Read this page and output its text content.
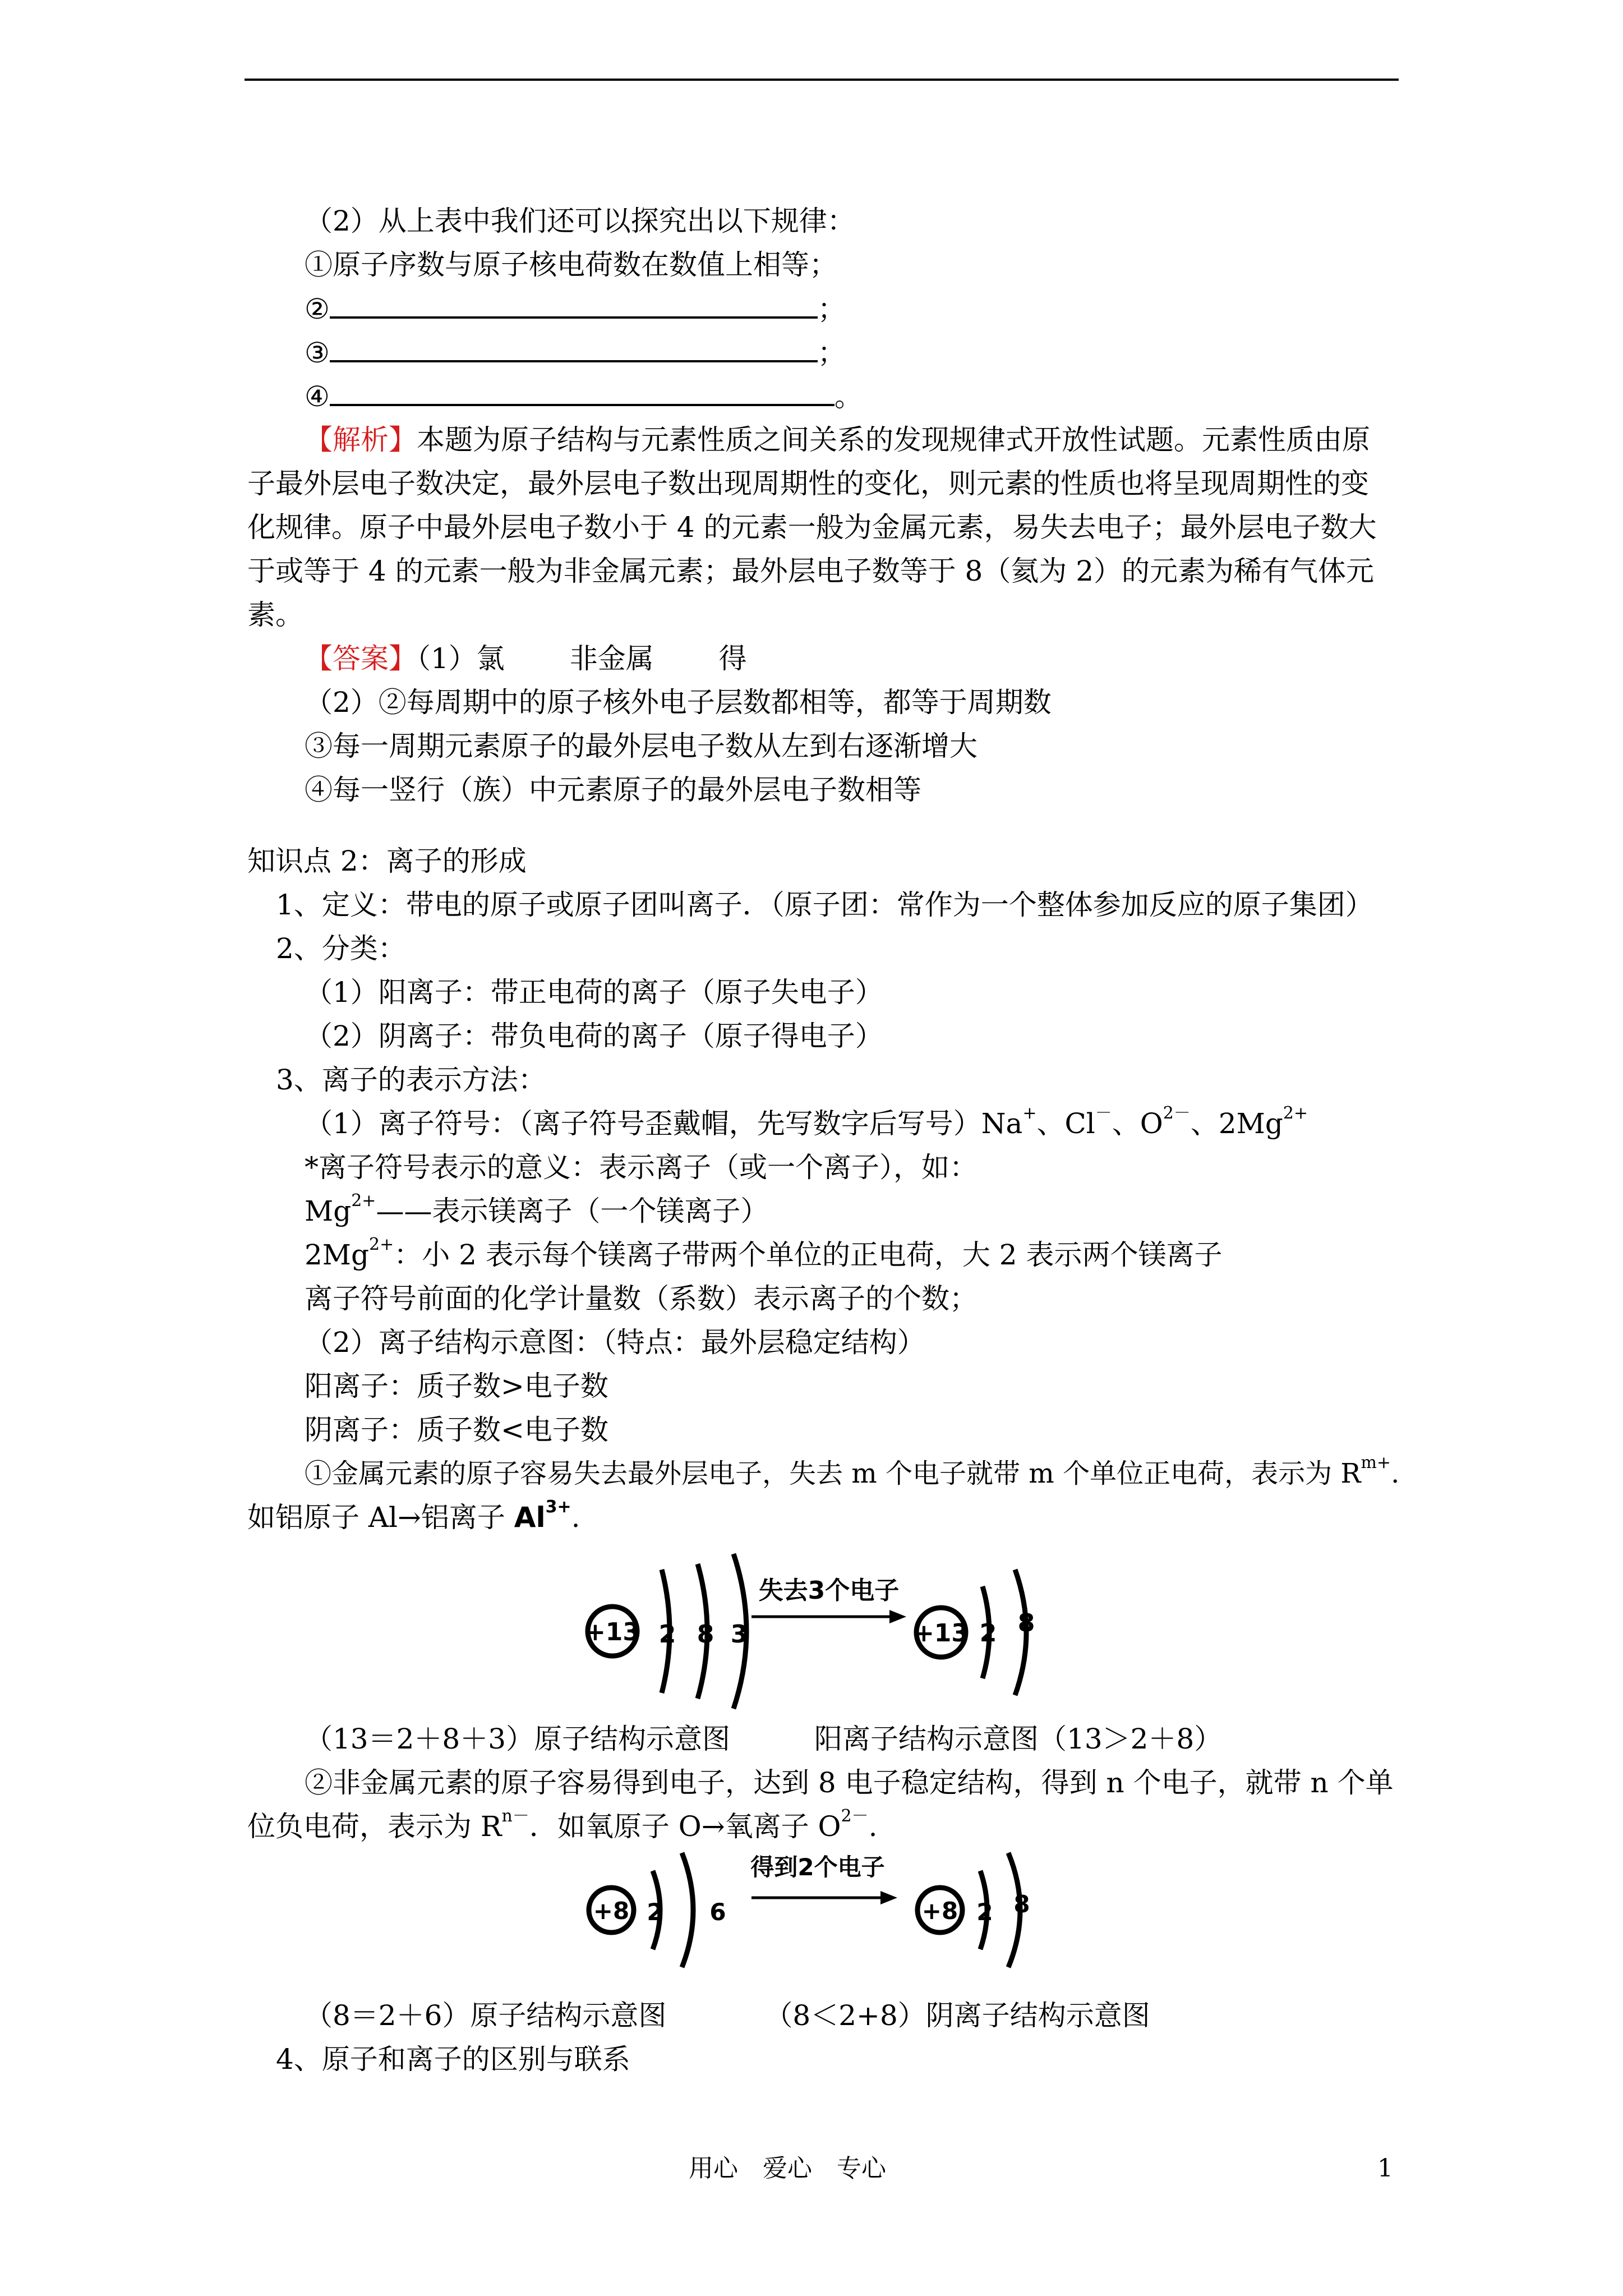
（2）从上表中我们还可以探究出以下规律：
①原子序数与原子核电荷数在数值上相等；
②	；
③	；
④	。
【解析】本题为原子结构与元素性质之间关系的发现规律式开放性试题。元素性质由原
子最外层电子数决定，最外层电子数出现周期性的变化，则元素的性质也将呈现周期性的变
化规律。原子中最外层电子数小于 4 的元素一般为金属元素，易失去电子；最外层电子数大
于或等于 4 的元素一般为非金属元素；最外层电子数等于 8（氦为 2）的元素为稀有气体元
素。
【答案】（1）氯　　 非金属　　 得
（2）②每周期中的原子核外电子层数都相等，都等于周期数
③每一周期元素原子的最外层电子数从左到右逐渐增大
④每一竖行（族）中元素原子的最外层电子数相等
知识点 2：离子的形成
1、定义：带电的原子或原子团叫离子．（原子团：常作为一个整体参加反应的原子集团）
2、分类：
（1）阳离子：带正电荷的离子（原子失电子）
（2）阴离子：带负电荷的离子（原子得电子）
3、离子的表示方法：
（1）离子符号：（离子符号歪戴帽，先写数字后写号）Na+、Cl－、$O^{2-}$、$2Mg^{2+}$
*离子符号表示的意义：表示离子（或一个离子），如：
$Mg^{2+}——$表示镁离子（一个镁离子）
$2Mg^{2+}$：小 2 表示每个镁离子带两个单位的正电荷，大 2 表示两个镁离子
离子符号前面的化学计量数（系数）表示离子的个数；
（2）离子结构示意图：（特点：最外层稳定结构）
阳离子：质子数>电子数
阴离子：质子数<电子数
①金属元素的原子容易失去最外层电子，失去 m 个电子就带 m 个单位正电荷，表示为 $R^{m+}$.
如铝原子 Al→铝离子 $Al^{3+}$.
+13 2 8 3
失去3个电子
+13 2 8
（13＝2＋8＋3）原子结构示意图　　　阳离子结构示意图（13＞2＋8）
②非金属元素的原子容易得到电子，达到 8 电子稳定结构，得到 n 个电子，就带 n 个单
位负电荷，表示为 $R^{n-}$．如氧原子 O→氧离子 $O^{2-}$.
+8 2 6
得到2个电子
+8 2 8
（8＝2＋6）原子结构示意图　　　　（8＜2+8）阴离子结构示意图
4、原子和离子的区别与联系
用心　爱心　专心	1
